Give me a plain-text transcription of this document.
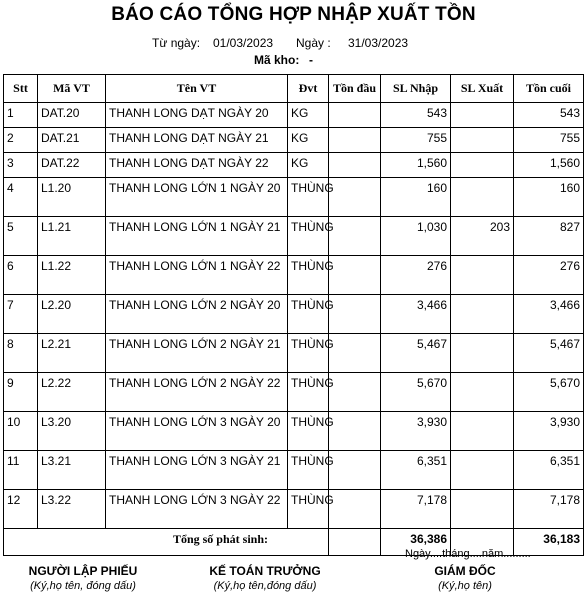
BÁO CÁO TỔNG HỢP NHẬP XUẤT TỒN
Từ ngày: 01/03/2023 Ngày : 31/03/2023
Mã kho: -
Stt	Mã VT	Tên VT	Đvt	Tồn đầu	SL Nhập	SL Xuất	Tồn cuối
1	DAT.20	THANH LONG DẠT NGÀY 20	KG		543		543
2	DAT.21	THANH LONG DẠT NGÀY 21	KG		755		755
3	DAT.22	THANH LONG DẠT NGÀY 22	KG		1,560		1,560
4	L1.20	THANH LONG LỚN 1 NGÀY 20	THÙNG		160		160
5	L1.21	THANH LONG LỚN 1 NGÀY 21	THÙNG		1,030	203	827
6	L1.22	THANH LONG LỚN 1 NGÀY 22	THÙNG		276		276
7	L2.20	THANH LONG LỚN 2 NGÀY 20	THÙNG		3,466		3,466
8	L2.21	THANH LONG LỚN 2 NGÀY 21	THÙNG		5,467		5,467
9	L2.22	THANH LONG LỚN 2 NGÀY 22	THÙNG		5,670		5,670
10	L3.20	THANH LONG LỚN 3 NGÀY 20	THÙNG		3,930		3,930
11	L3.21	THANH LONG LỚN 3 NGÀY 21	THÙNG		6,351		6,351
12	L3.22	THANH LONG LỚN 3 NGÀY 22	THÙNG		7,178		7,178
Tổng số phát sinh:					36,386		36,183
Ngày....tháng....năm.........
NGƯỜI LẬP PHIẾU
(Ký,họ tên, đóng dấu)
KẾ TOÁN TRƯỞNG
(Ký,họ tên,đóng dấu)
GIÁM ĐỐC
(Ký,họ tên)
